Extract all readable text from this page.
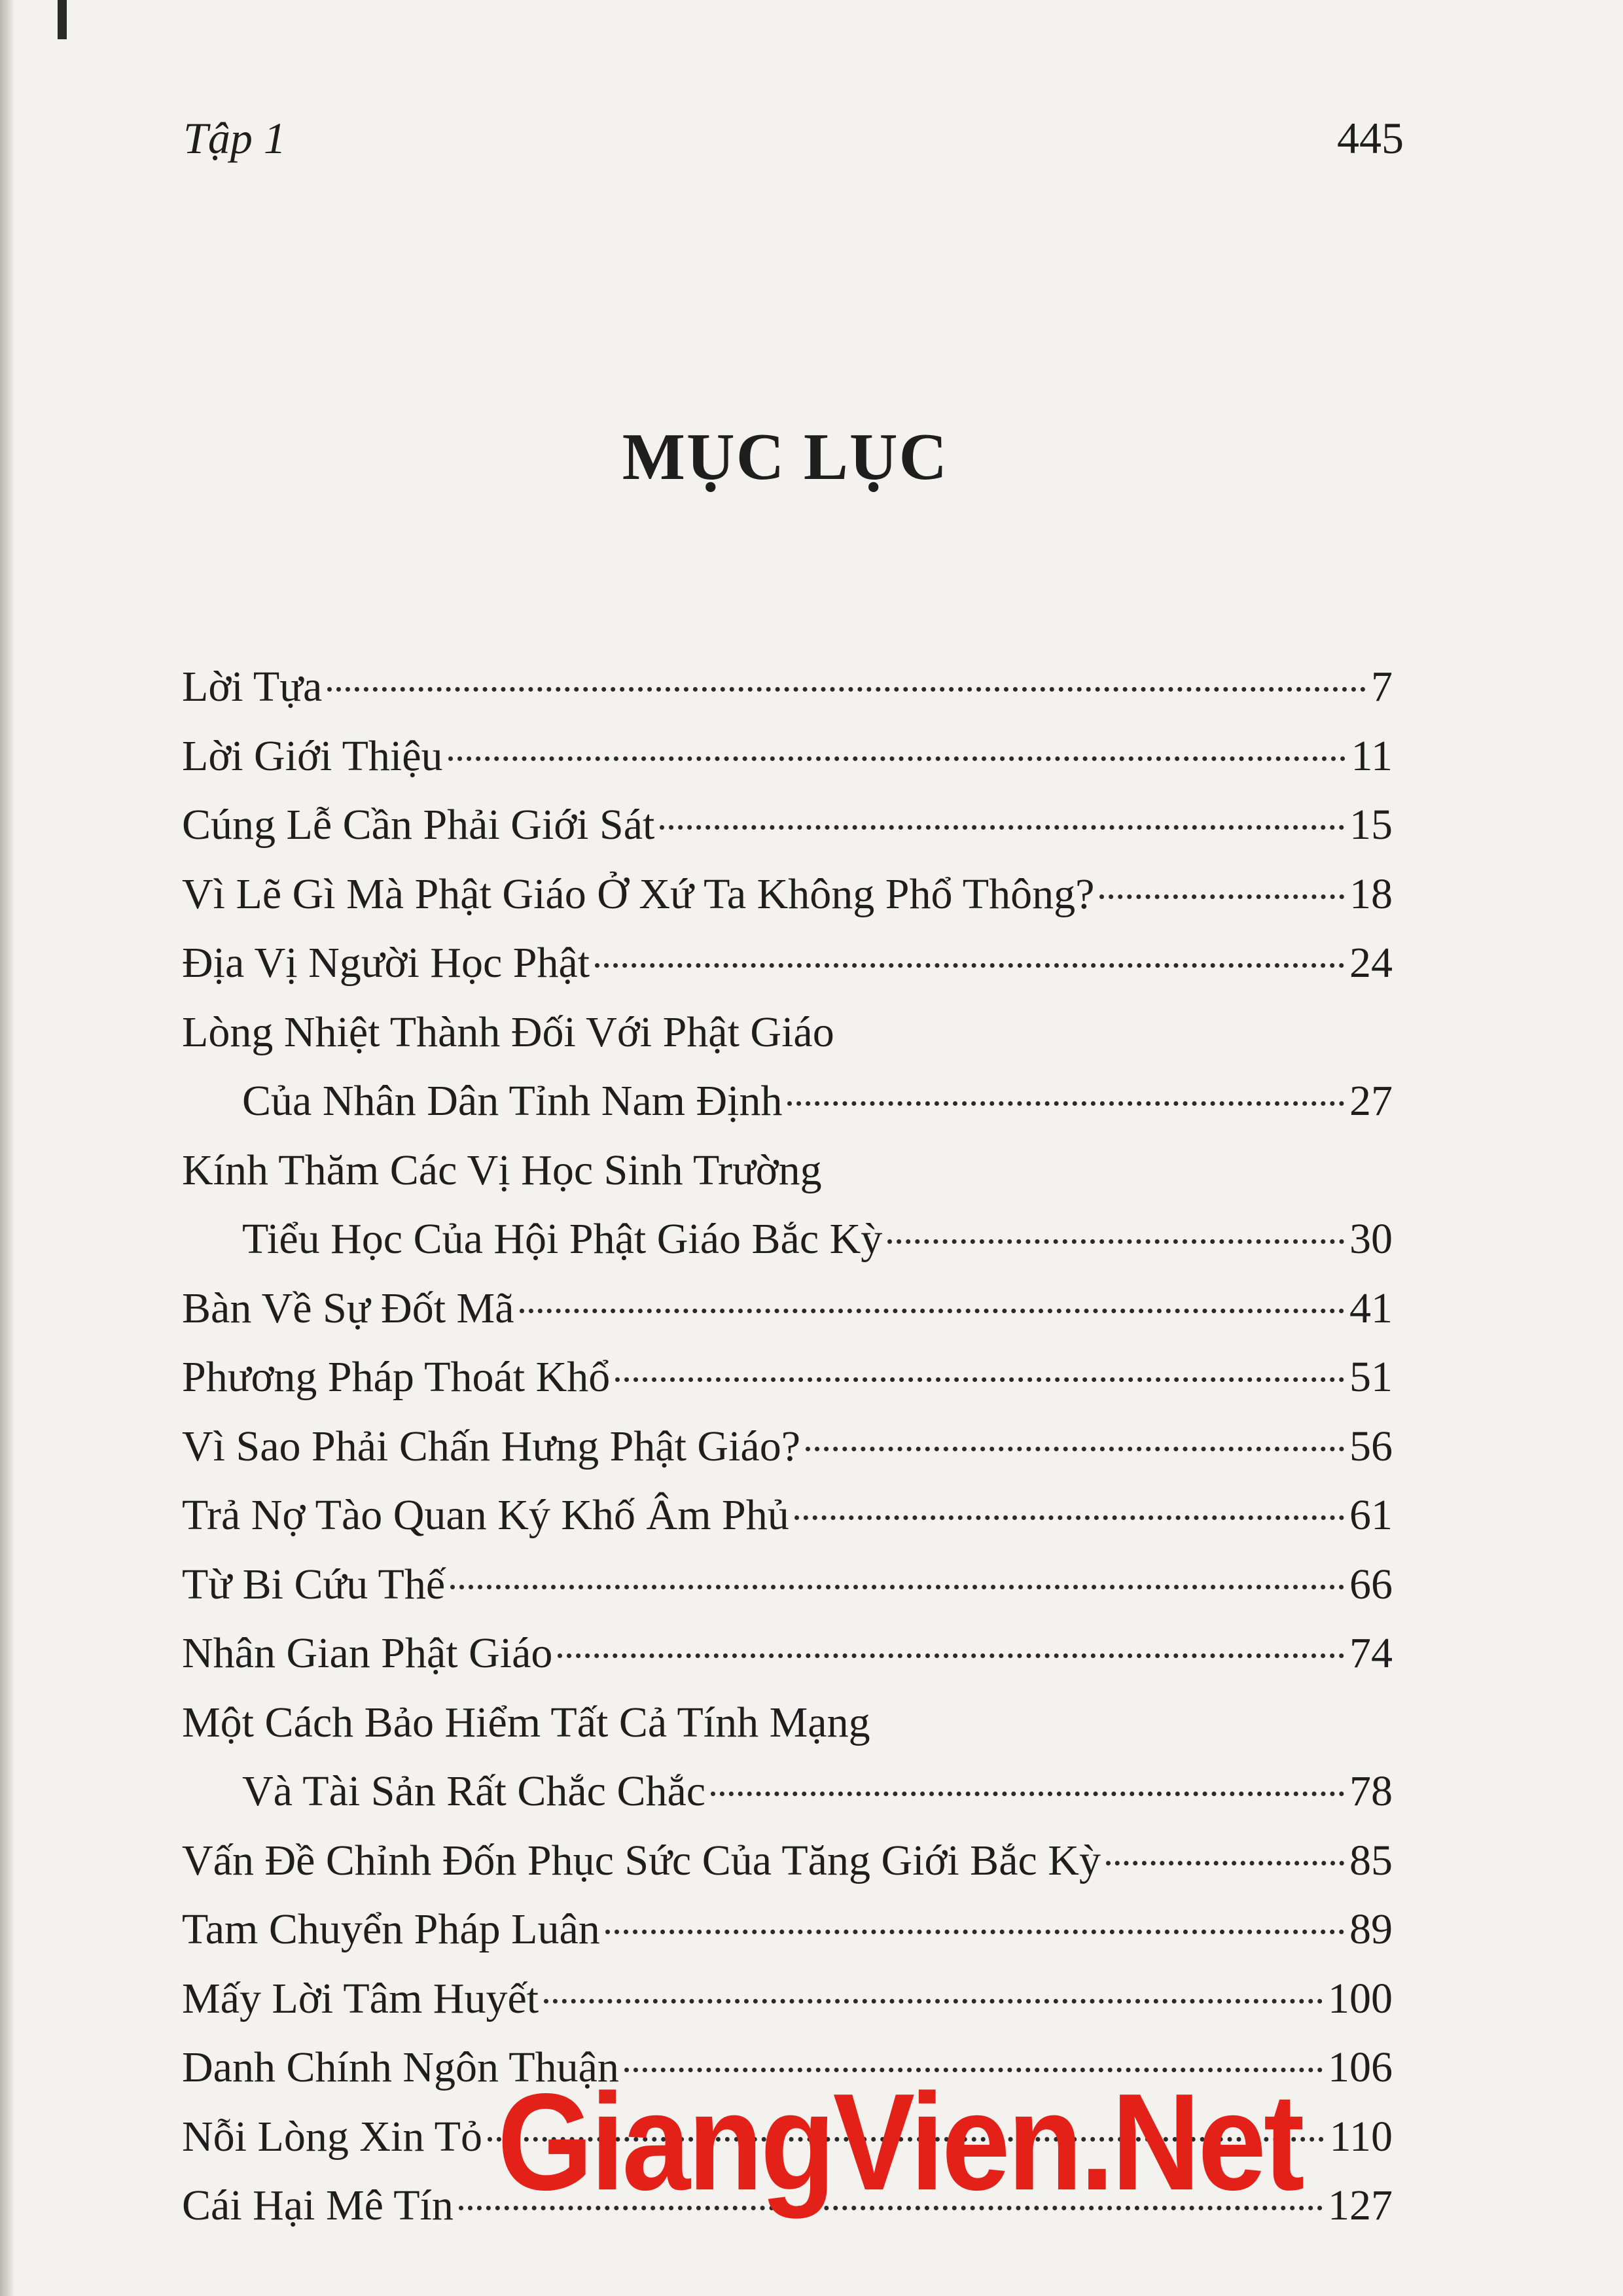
Tập 1	445
MỤC LỤC
Lời Tựa	7
Lời Giới Thiệu	11
Cúng Lễ Cần Phải Giới Sát	15
Vì Lẽ Gì Mà Phật Giáo Ở Xứ Ta Không Phổ Thông?	18
Địa Vị Người Học Phật	24
Lòng Nhiệt Thành Đối Với Phật Giáo
Của Nhân Dân Tỉnh Nam Định	27
Kính Thăm Các Vị Học Sinh Trường
Tiểu Học Của Hội Phật Giáo Bắc Kỳ	30
Bàn Về Sự Đốt Mã	41
Phương Pháp Thoát Khổ	51
Vì Sao Phải Chấn Hưng Phật Giáo?	56
Trả Nợ Tào Quan Ký Khố Âm Phủ	61
Từ Bi Cứu Thế	66
Nhân Gian Phật Giáo	74
Một Cách Bảo Hiểm Tất Cả Tính Mạng
Và Tài Sản Rất Chắc Chắc	78
Vấn Đề Chỉnh Đốn Phục Sức Của Tăng Giới Bắc Kỳ	85
Tam Chuyển Pháp Luân	89
Mấy Lời Tâm Huyết	100
Danh Chính Ngôn Thuận	106
Nỗi Lòng Xin Tỏ	110
Cái Hại Mê Tín	127
GiangVien.Net
